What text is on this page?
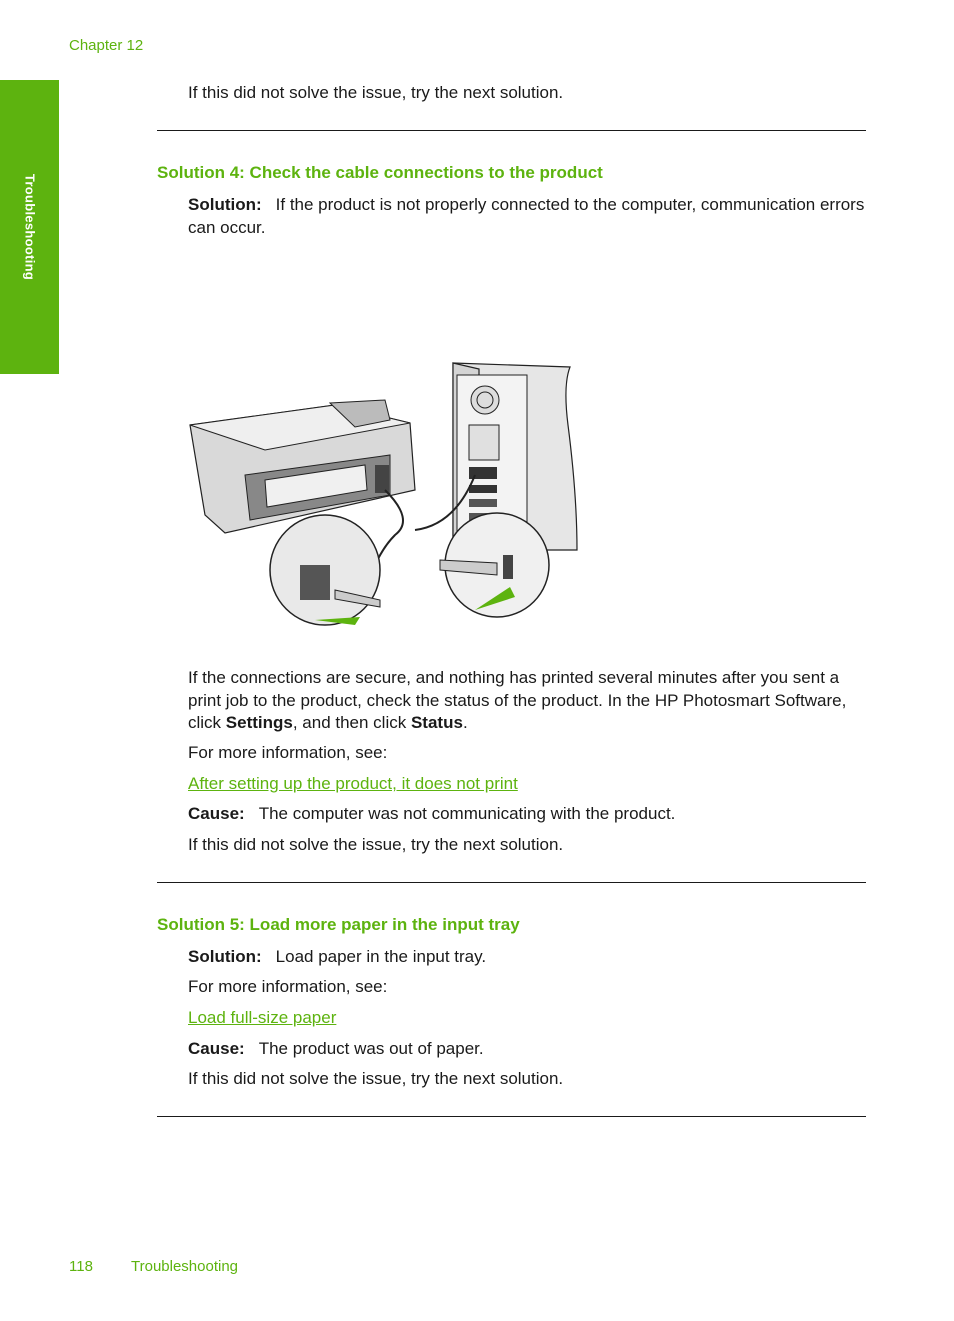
Chapter 12
Troubleshooting
If this did not solve the issue, try the next solution.
Solution 4: Check the cable connections to the product
Solution: If the product is not properly connected to the computer, communication errors can occur.
If the connections are secure, and nothing has printed several minutes after you sent a print job to the product, check the status of the product. In the HP Photosmart Software, click Settings, and then click Status.
For more information, see:
After setting up the product, it does not print
Cause: The computer was not communicating with the product.
If this did not solve the issue, try the next solution.
Solution 5: Load more paper in the input tray
Solution: Load paper in the input tray.
For more information, see:
Load full-size paper
Cause: The product was out of paper.
If this did not solve the issue, try the next solution.
118	Troubleshooting
